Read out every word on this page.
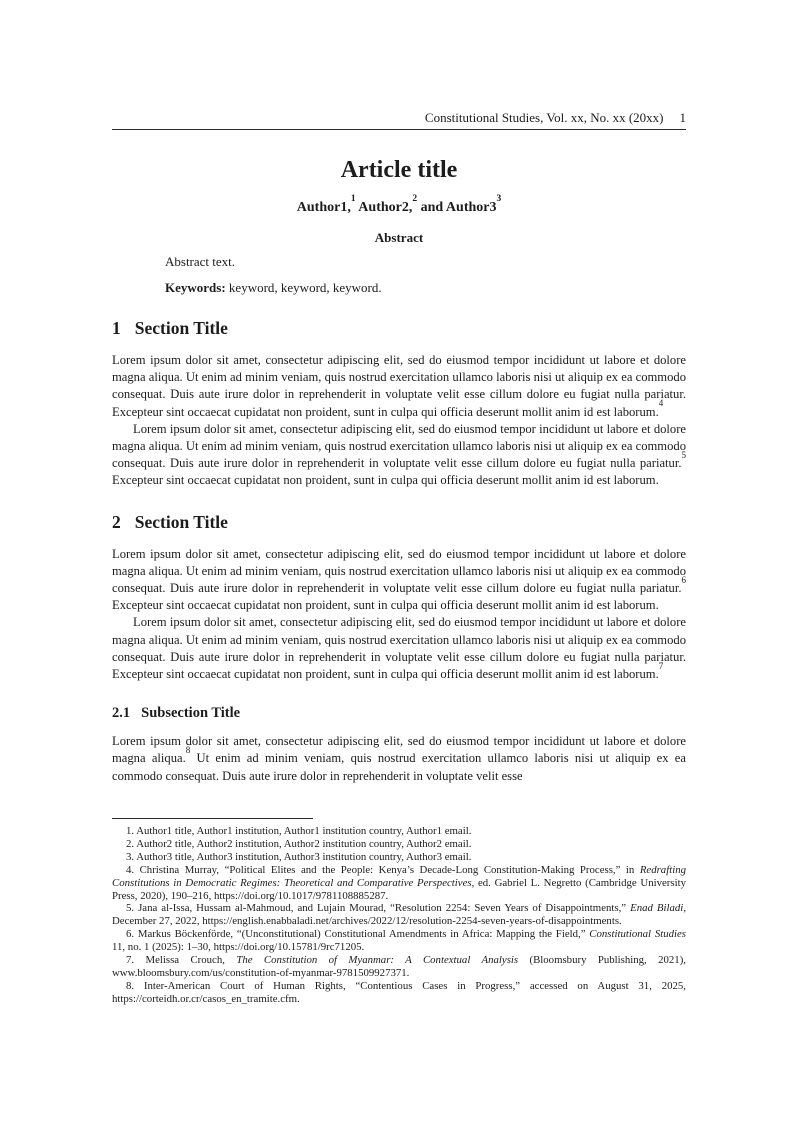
Constitutional Studies, Vol. xx, No. xx (20xx) 1
Article title
Author1,$^1$ Author2,$^2$ and Author3$^3$
Abstract

Abstract text.

Keywords: keyword, keyword, keyword.

1 Section Title

Lorem ipsum dolor sit amet, consectetur adipiscing elit, sed do eiusmod tempor incididunt ut labore et dolore magna aliqua. Ut enim ad minim veniam, quis nostrud exercitation ullamco laboris nisi ut aliquip ex ea commodo consequat. Duis aute irure dolor in reprehenderit in voluptate velit esse cillum dolore eu fugiat nulla pariatur. Excepteur sint occaecat cupidatat non proident, sunt in culpa qui officia deserunt mollit anim id est laborum.$^4$

Lorem ipsum dolor sit amet, consectetur adipiscing elit, sed do eiusmod tempor incididunt ut labore et dolore magna aliqua. Ut enim ad minim veniam, quis nostrud exercitation ullamco laboris nisi ut aliquip ex ea commodo consequat. Duis aute irure dolor in reprehenderit in voluptate velit esse cillum dolore eu fugiat nulla pariatur.$^5$ Excepteur sint occaecat cupidatat non proident, sunt in culpa qui officia deserunt mollit anim id est laborum.

2 Section Title

Lorem ipsum dolor sit amet, consectetur adipiscing elit, sed do eiusmod tempor incididunt ut labore et dolore magna aliqua. Ut enim ad minim veniam, quis nostrud exercitation ullamco laboris nisi ut aliquip ex ea commodo consequat. Duis aute irure dolor in reprehenderit in voluptate velit esse cillum dolore eu fugiat nulla pariatur.$^6$ Excepteur sint occaecat cupidatat non proident, sunt in culpa qui officia deserunt mollit anim id est laborum.

Lorem ipsum dolor sit amet, consectetur adipiscing elit, sed do eiusmod tempor incididunt ut labore et dolore magna aliqua. Ut enim ad minim veniam, quis nostrud exercitation ullamco laboris nisi ut aliquip ex ea commodo consequat. Duis aute irure dolor in reprehenderit in voluptate velit esse cillum dolore eu fugiat nulla pariatur. Excepteur sint occaecat cupidatat non proident, sunt in culpa qui officia deserunt mollit anim id est laborum.$^7$

2.1 Subsection Title

Lorem ipsum dolor sit amet, consectetur adipiscing elit, sed do eiusmod tempor incididunt ut labore et dolore magna aliqua.$^8$ Ut enim ad minim veniam, quis nostrud exercitation ullamco laboris nisi ut aliquip ex ea commodo consequat. Duis aute irure dolor in reprehenderit in voluptate velit esse

1. Author1 title, Author1 institution, Author1 institution country, Author1 email.

2. Author2 title, Author2 institution, Author2 institution country, Author2 email.

3. Author3 title, Author3 institution, Author3 institution country, Author3 email.

4. Christina Murray, “Political Elites and the People: Kenya’s Decade-Long Constitution-Making Process,” in Redrafting Constitutions in Democratic Regimes: Theoretical and Comparative Perspectives, ed. Gabriel L. Negretto (Cambridge University Press, 2020), 190–216, https://doi.org/10.1017/9781108885287.

5. Jana al-Issa, Hussam al-Mahmoud, and Lujain Mourad, “Resolution 2254: Seven Years of Disappointments,” Enad Biladi, December 27, 2022, https://english.enabbaladi.net/archives/2022/12/resolution-2254-seven-years-of-disappointments.

6. Markus Böckenförde, “(Unconstitutional) Constitutional Amendments in Africa: Mapping the Field,” Constitutional Studies 11, no. 1 (2025): 1–30, https://doi.org/10.15781/9rc71205.

7. Melissa Crouch, The Constitution of Myanmar: A Contextual Analysis (Bloomsbury Publishing, 2021), www.bloomsbury.com/us/constitution-of-myanmar-9781509927371.

8. Inter-American Court of Human Rights, “Contentious Cases in Progress,” accessed on August 31, 2025, https://corteidh.or.cr/casos_en_tramite.cfm.
